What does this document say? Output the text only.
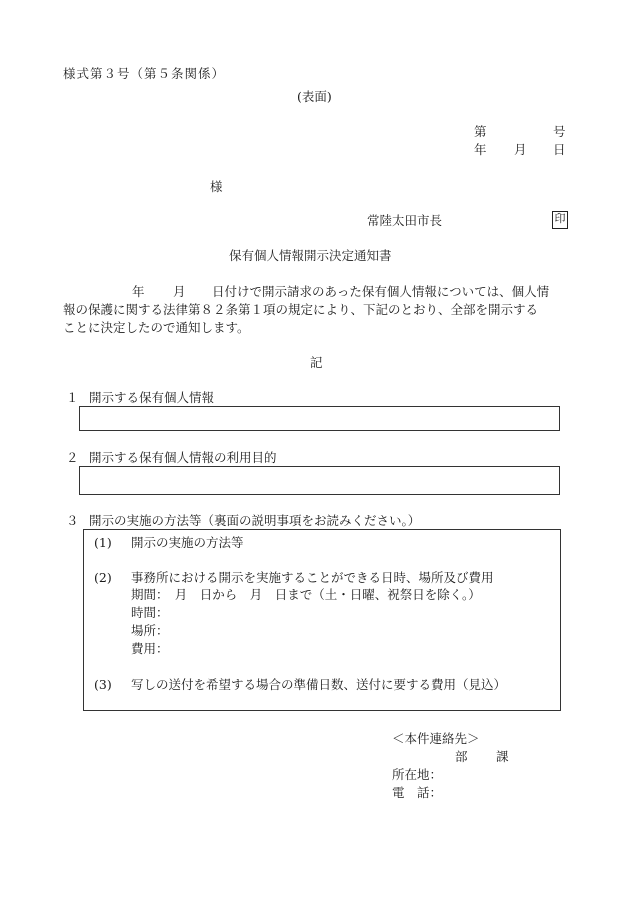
様式第３号（第５条関係）
(表面)
第	号
年 月 日
様
常陸太田市長	印
保有個人情報開示決定通知書
年 月 日付けで開示請求のあった保有個人情報については、個人情
報の保護に関する法律第８２条第１項の規定により、下記のとおり、全部を開示する
ことに決定したので通知します。
記
１ 開示する保有個人情報
２ 開示する保有個人情報の利用目的
３ 開示の実施の方法等（裏面の説明事項をお読みください。）
(1) 開示の実施の方法等
(2) 事務所における開示を実施することができる日時、場所及び費用
期間：　月　日から　月　日まで（土・日曜、祝祭日を除く。）
時間：
場所：
費用：
(3) 写しの送付を希望する場合の準備日数、送付に要する費用（見込）
＜本件連絡先＞
部 課
所在地：
電　話：
